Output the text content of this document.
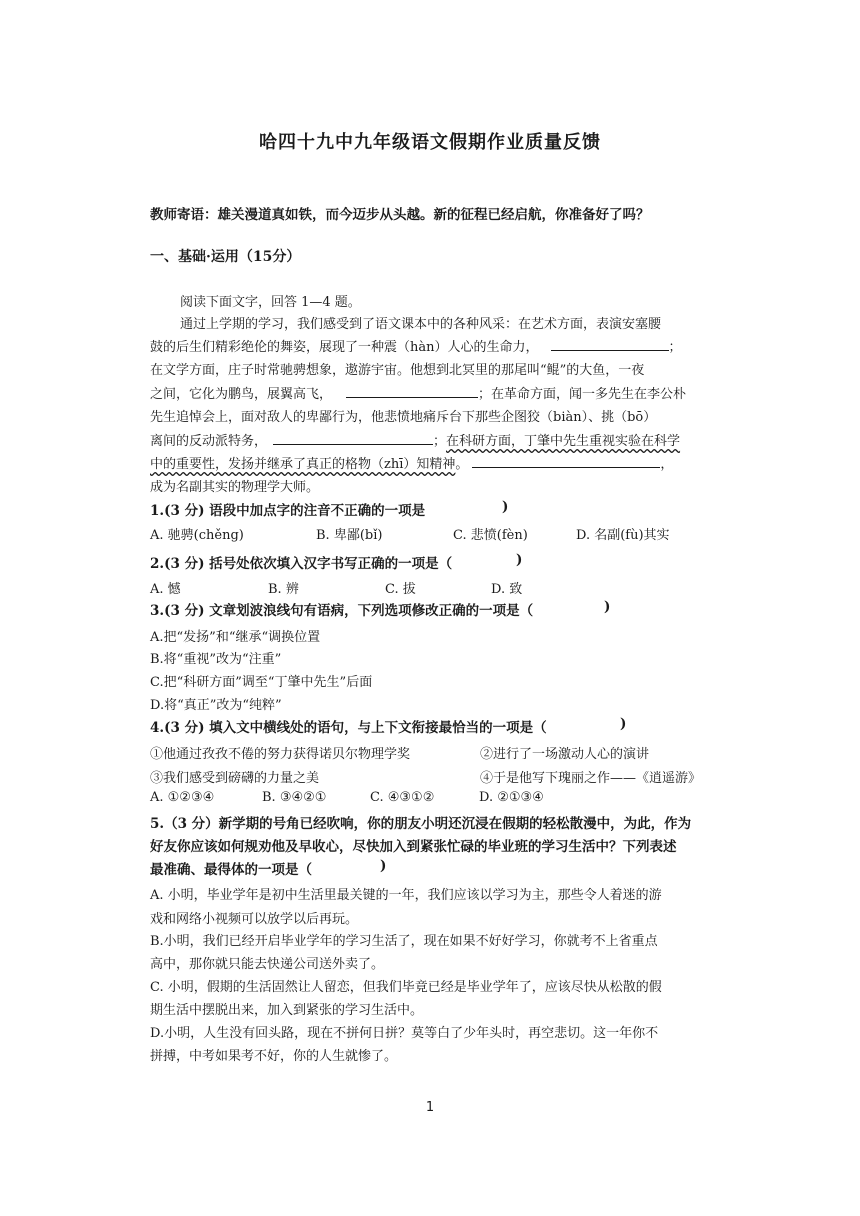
哈四十九中九年级语文假期作业质量反馈
教师寄语：雄关漫道真如铁，而今迈步从头越。新的征程已经启航，你准备好了吗？
一、基础·运用（15分）
阅读下面文字，回答 1—4 题。
通过上学期的学习，我们感受到了语文课本中的各种风采：在艺术方面，表演安塞腰
鼓的后生们精彩绝伦的舞姿，展现了一种震（hàn）人心的生命力，	；
在文学方面，庄子时常驰骋想象，遨游宇宙。他想到北冥里的那尾叫“鲲”的大鱼，一夜
之间，它化为鹏鸟，展翼高飞，	；在革命方面，闻一多先生在李公朴
先生追悼会上，面对敌人的卑鄙行为，他悲愤地痛斥台下那些企图狡（biàn）、挑（bō）
离间的反动派特务，	；在科研方面，丁肇中先生重视实验在科学
中的重要性，发扬并继承了真正的格物（zhī）知精神。	，
成为名副其实的物理学大师。
1.(3 分) 语段中加点字的注音不正确的一项是	)
A. 驰骋(chěng)	B. 卑鄙(bǐ)	C. 悲愤(fèn)	D. 名副(fù)其实
2.(3 分) 括号处依次填入汉字书写正确的一项是（	)
A. 憾	B. 辨	C. 拔	D. 致
3.(3 分) 文章划波浪线句有语病，下列选项修改正确的一项是（	)
A.把“发扬”和“继承“调换位置
B.将“重视”改为“注重”
C.把“科研方面”调至“丁肇中先生”后面
D.将“真正”改为“纯粹”
4.(3 分) 填入文中横线处的语句，与上下文衔接最恰当的一项是（	)
①他通过孜孜不倦的努力获得诺贝尔物理学奖	②进行了一场激动人心的演讲
③我们感受到磅礴的力量之美	④于是他写下瑰丽之作——《逍遥游》
A. ①②③④	B. ③④②①	C. ④③①②	D. ②①③④
5.（3 分）新学期的号角已经吹响，你的朋友小明还沉浸在假期的轻松散漫中，为此，作为
好友你应该如何规劝他及早收心，尽快加入到紧张忙碌的毕业班的学习生活中？下列表述
最准确、最得体的一项是（	)
A. 小明，毕业学年是初中生活里最关键的一年，我们应该以学习为主，那些令人着迷的游
戏和网络小视频可以放学以后再玩。
B.小明，我们已经开启毕业学年的学习生活了，现在如果不好好学习，你就考不上省重点
高中，那你就只能去快递公司送外卖了。
C. 小明，假期的生活固然让人留恋，但我们毕竟已经是毕业学年了，应该尽快从松散的假
期生活中摆脱出来，加入到紧张的学习生活中。
D.小明，人生没有回头路，现在不拼何日拼？莫等白了少年头时，再空悲切。这一年你不
拼搏，中考如果考不好，你的人生就惨了。
1
